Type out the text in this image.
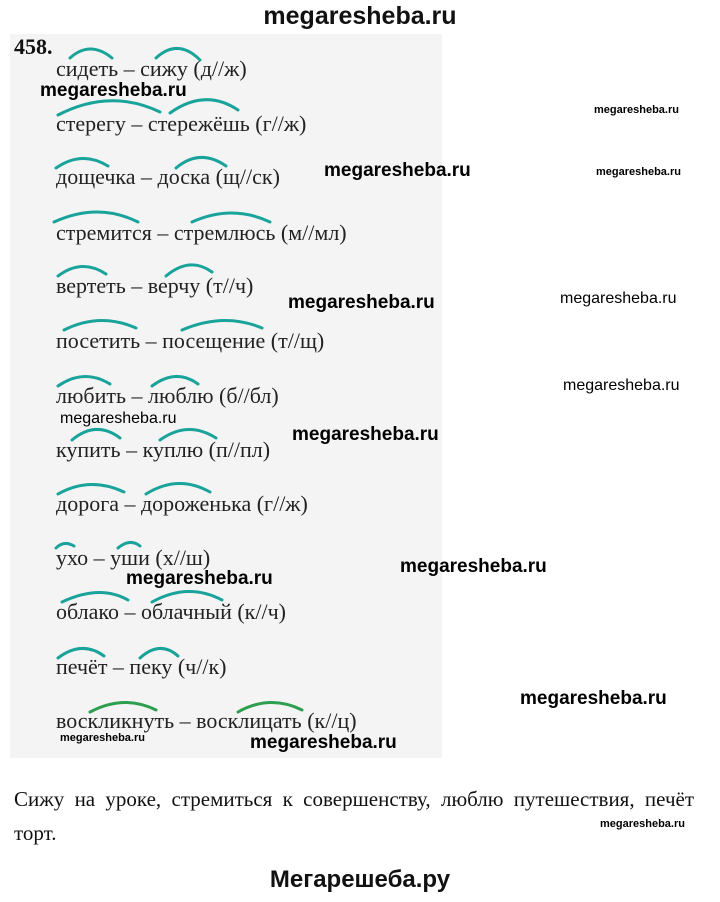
megaresheba.ru
458.
сидеть – сижу (д//ж)
стерегу – стережёшь (г//ж)
дощечка – доска (щ//ск)
стремится – стремлюсь (м//мл)
вертеть – верчу (т//ч)
посетить – посещение (т//щ)
любить – люблю (б//бл)
купить – куплю (п//пл)
дорога – дороженька (г//ж)
ухо – уши (х//ш)
облако – облачный (к//ч)
печёт – пеку (ч//к)
воскликнуть – восклицать (к//ц)
megaresheba.ru
megaresheba.ru
megaresheba.ru	megaresheba.ru
megaresheba.ru	megaresheba.ru
megaresheba.ru
megaresheba.ru
megaresheba.ru
megaresheba.ru
megaresheba.ru
megaresheba.ru
megaresheba.ru	megaresheba.ru
Сижу на уроке, стремиться к совершенству, люблю путешествия, печёт торт.	megaresheba.ru
Мегарешеба.ру
